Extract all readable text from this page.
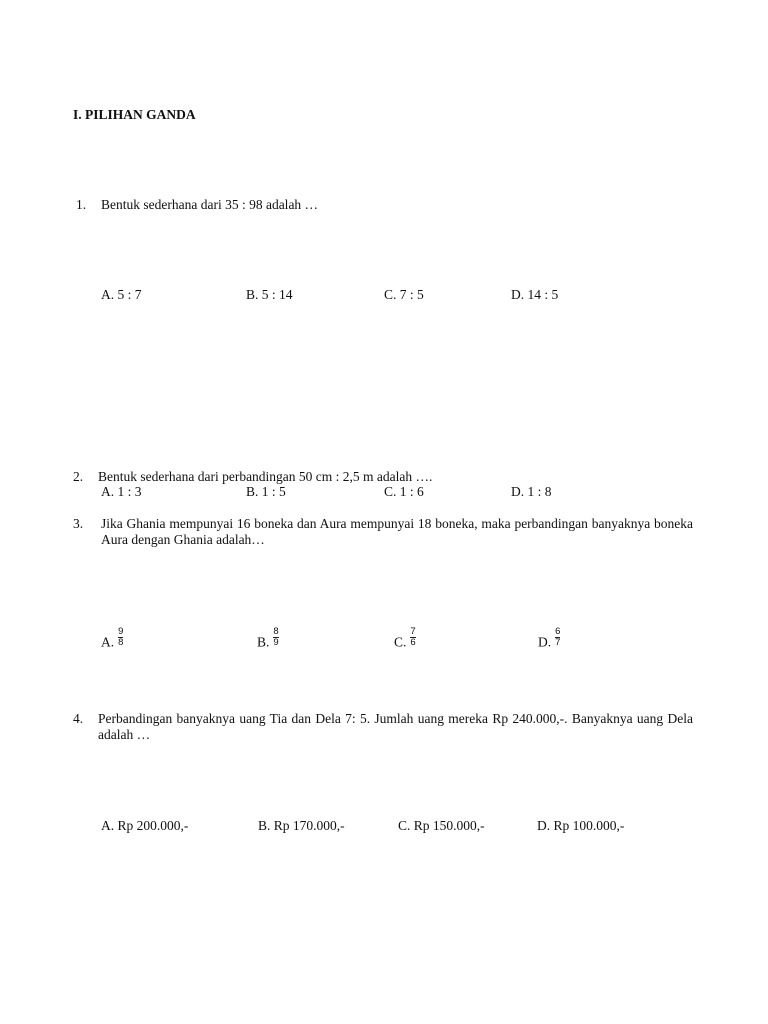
I. PILIHAN GANDA
1. Bentuk sederhana dari 35 : 98 adalah …
A. 5 : 7	B. 5 : 14	C. 7 : 5	D. 14 : 5
2. Bentuk sederhana dari perbandingan 50 cm : 2,5 m adalah ….
A. 1 : 3	B. 1 : 5	C. 1 : 6	D. 1 : 8
3. Jika Ghania mempunyai 16 boneka dan Aura mempunyai 18 boneka, maka perbandingan banyaknya boneka Aura dengan Ghania adalah…
A. $\frac{9}{8}$	B. $\frac{8}{9}$	C. $\frac{7}{6}$	D. $\frac{6}{7}$
4. Perbandingan banyaknya uang Tia dan Dela 7: 5. Jumlah uang mereka Rp 240.000,-. Banyaknya uang Dela adalah …
A. Rp 200.000,-	B. Rp 170.000,-	C. Rp 150.000,-	D. Rp 100.000,-
